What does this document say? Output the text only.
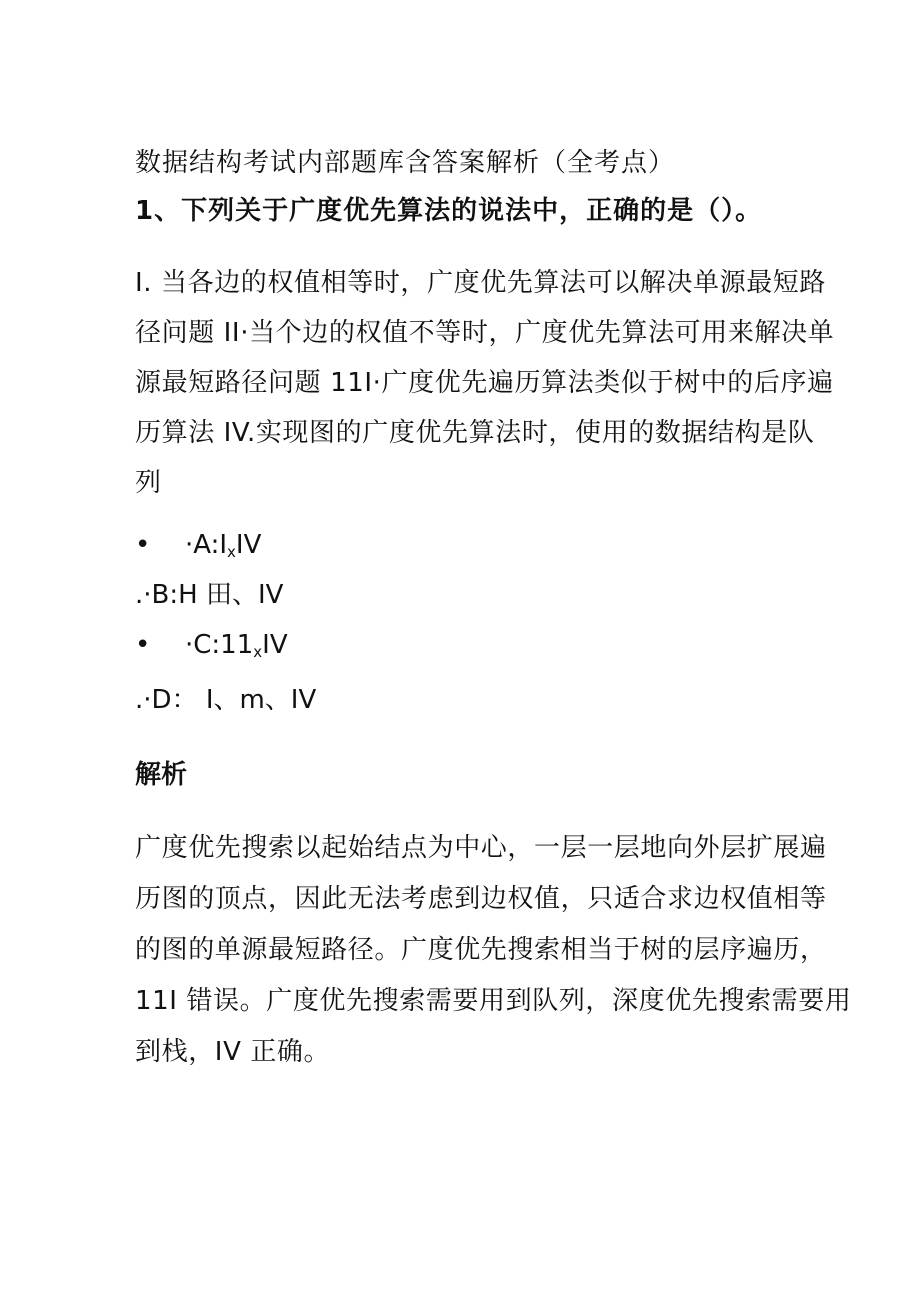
数据结构考试内部题库含答案解析（全考点）
1、下列关于广度优先算法的说法中，正确的是（）。
I. 当各边的权值相等时，广度优先算法可以解决单源最短路
径问题 II·当个边的权值不等时，广度优先算法可用来解决单
源最短路径问题 11I·广度优先遍历算法类似于树中的后序遍
历算法 IV.实现图的广度优先算法时，使用的数据结构是队
列
• $\cdot A:I_xIV$
.·B:H 田、IV
• $\cdot C:11_xIV$
.·D： I、m、IV
解析
广度优先搜索以起始结点为中心，一层一层地向外层扩展遍
历图的顶点，因此无法考虑到边权值，只适合求边权值相等
的图的单源最短路径。广度优先搜索相当于树的层序遍历，
11I 错误。广度优先搜索需要用到队列，深度优先搜索需要用
到栈，IV 正确。
